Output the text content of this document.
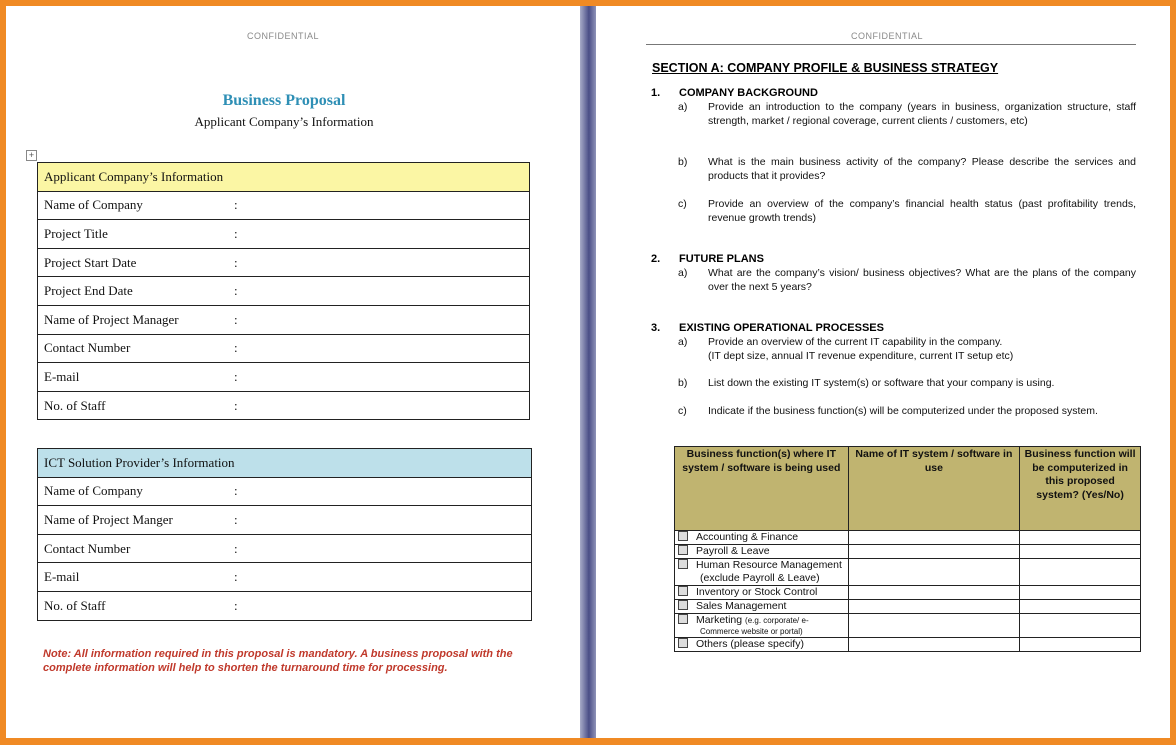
CONFIDENTIAL
Business Proposal
Applicant Company’s Information
+
Applicant Company’s Information
Name of Company	:
Project Title	:
Project Start Date	:
Project End Date	:
Name of Project Manager	:
Contact Number	:
E-mail	:
No. of Staff	:
ICT Solution Provider’s Information
Name of Company	:
Name of Project Manger	:
Contact Number	:
E-mail	:
No. of Staff	:
Note: All information required in this proposal is mandatory. A business proposal with the complete information will help to shorten the turnaround time for processing.
CONFIDENTIAL
SECTION A: COMPANY PROFILE & BUSINESS STRATEGY
1. COMPANY BACKGROUND
a) Provide an introduction to the company (years in business, organization structure, staff strength, market / regional coverage, current clients / customers, etc)
b) What is the main business activity of the company? Please describe the services and products that it provides?
c) Provide an overview of the company’s financial health status (past profitability trends, revenue growth trends)
2. FUTURE PLANS
a) What are the company’s vision/ business objectives? What are the plans of the company over the next 5 years?
3. EXISTING OPERATIONAL PROCESSES
a) Provide an overview of the current IT capability in the company.
(IT dept size, annual IT revenue expenditure, current IT setup etc)
b) List down the existing IT system(s) or software that your company is using.
c) Indicate if the business function(s) will be computerized under the proposed system.
Business function(s) where IT system / software is being used	Name of IT system / software in use	Business function will be computerized in this proposed system? (Yes/No)
Accounting & Finance		
Payroll & Leave		
Human Resource Management (exclude Payroll & Leave)		
Inventory or Stock Control		
Sales Management		
Marketing (e.g. corporate/ e-Commerce website or portal)		
Others (please specify)		
